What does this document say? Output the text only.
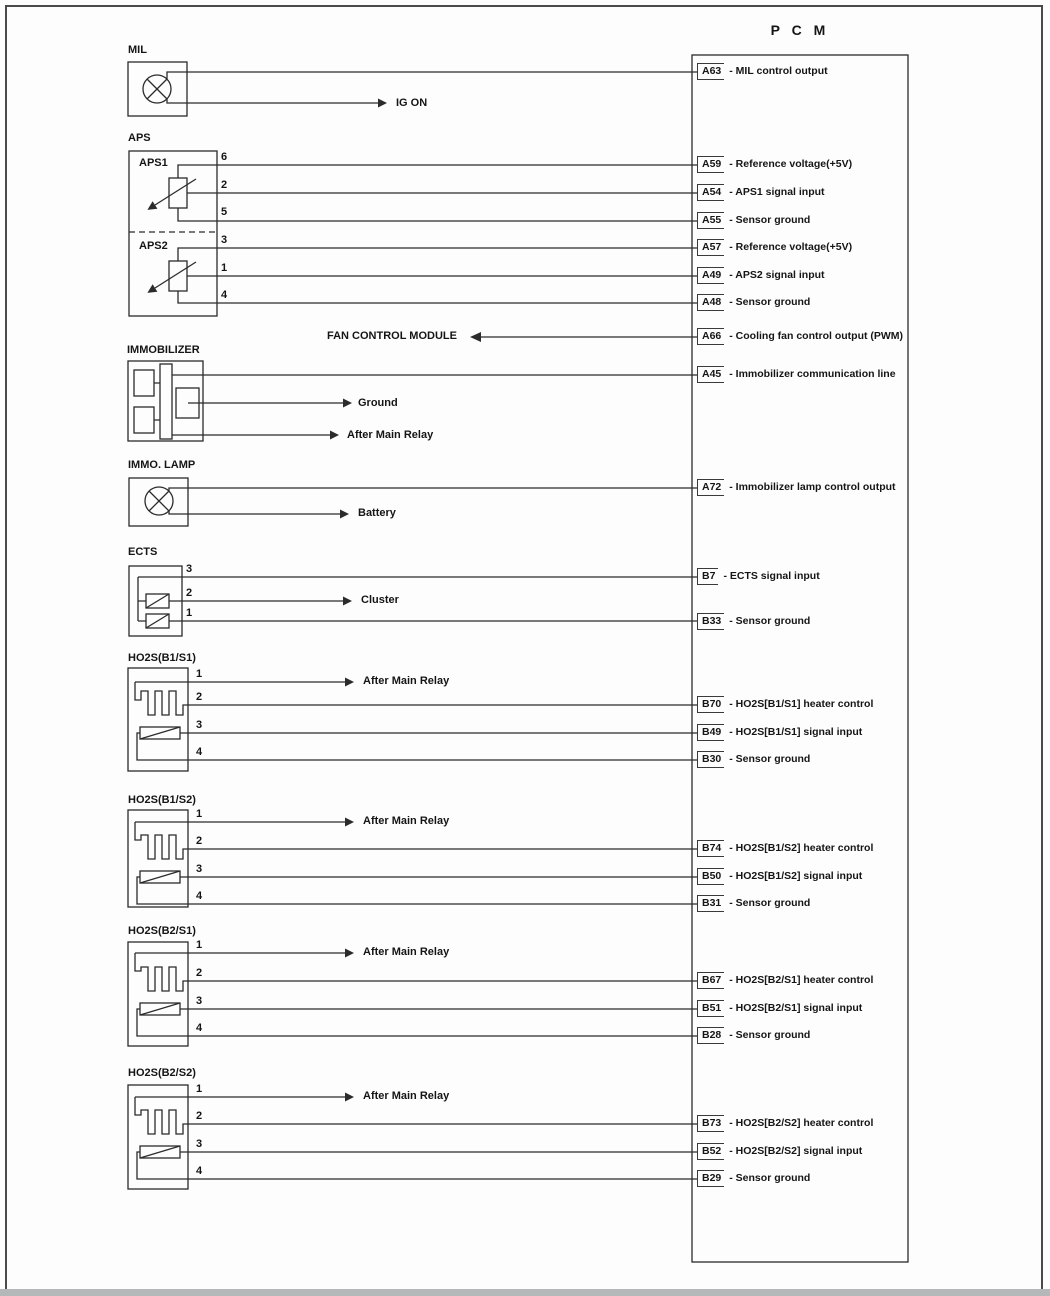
P C M
MIL
APS
APS1
APS2
IMMOBILIZER
IMMO. LAMP
ECTS
HO2S(B1/S1)
HO2S(B1/S2)
HO2S(B2/S1)
HO2S(B2/S2)
IG ON
FAN CONTROL MODULE
Ground
After Main Relay
Battery
Cluster
After Main Relay
After Main Relay
After Main Relay
After Main Relay
6
2
5
3
1
4
3
2
1
1
2
3
4
1
2
3
4
1
2
3
4
1
2
3
4
A63 - MIL control output
A59 - Reference voltage(+5V)
A54 - APS1 signal input
A55 - Sensor ground
A57 - Reference voltage(+5V)
A49 - APS2 signal input
A48 - Sensor ground
A66 - Cooling fan control output (PWM)
A45 - Immobilizer communication line
A72 - Immobilizer lamp control output
B7 - ECTS signal input
B33 - Sensor ground
B70 - HO2S[B1/S1] heater control
B49 - HO2S[B1/S1] signal input
B30 - Sensor ground
B74 - HO2S[B1/S2] heater control
B50 - HO2S[B1/S2] signal input
B31 - Sensor ground
B67 - HO2S[B2/S1] heater control
B51 - HO2S[B2/S1] signal input
B28 - Sensor ground
B73 - HO2S[B2/S2] heater control
B52 - HO2S[B2/S2] signal input
B29 - Sensor ground
